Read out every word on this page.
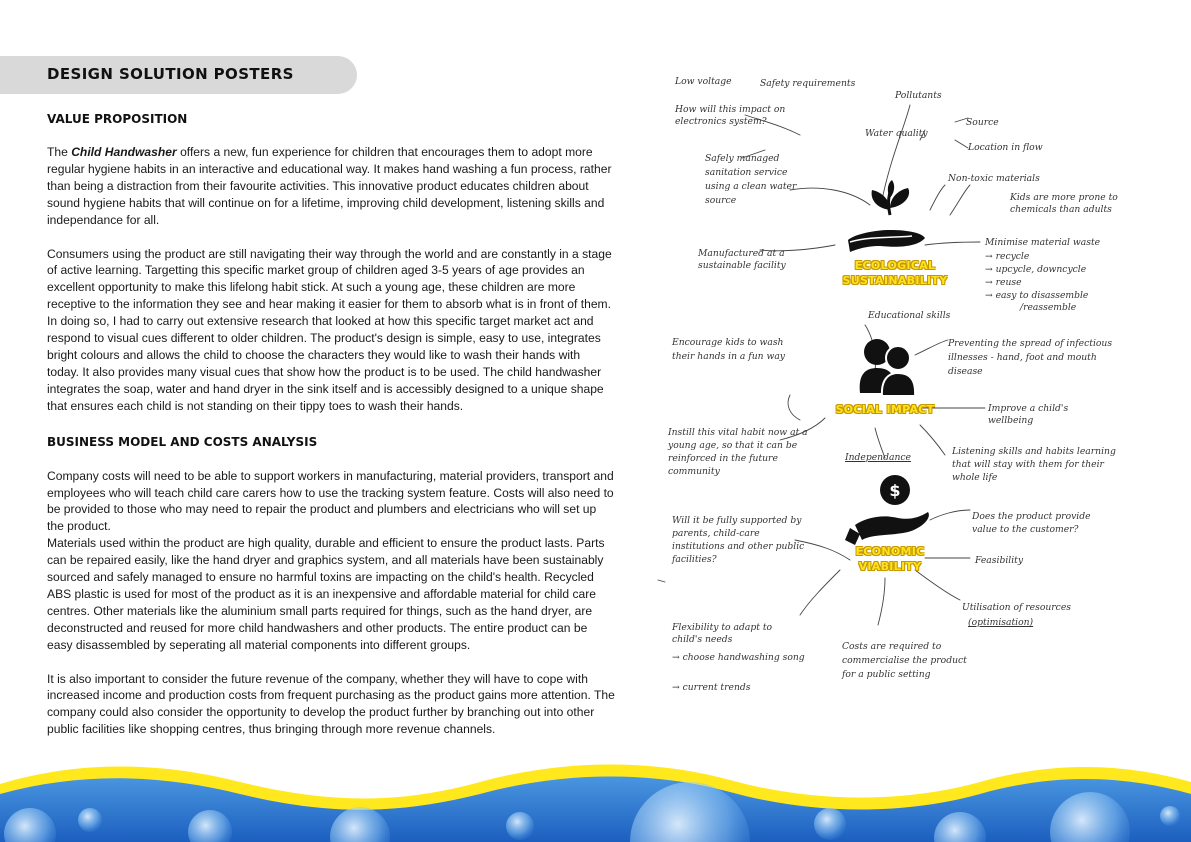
DESIGN SOLUTION POSTERS
VALUE PROPOSITION

The Child Handwasher offers a new, fun experience for children that encourages them to adopt more regular hygiene habits in an interactive and educational way. It makes hand washing a fun process, rather than being a distraction from their favourite activities. This innovative product educates children about sound hygiene habits that will continue on for a lifetime, improving child development, listening skills and independance for all.

Consumers using the product are still navigating their way through the world and are constantly in a stage of active learning. Targetting this specific market group of children aged 3-5 years of age provides an excellent opportunity to make this lifelong habit stick. At such a young age, these children are more receptive to the information they see and hear making it easier for them to absorb what is in front of them. In doing so, I had to carry out extensive research that looked at how this specific target market act and respond to visual cues different to older children. The product's design is simple, easy to use, integrates bright colours and allows the child to choose the characters they would like to wash their hands with today. It also provides many visual cues that show how the product is to be used. The child handwasher integrates the soap, water and hand dryer in the sink itself and is accessibly designed to a unique shape that ensures each child is not standing on their tippy toes to wash their hands.

BUSINESS MODEL AND COSTS ANALYSIS

Company costs will need to be able to support workers in manufacturing, material providers, transport and employees who will teach child care carers how to use the tracking system feature. Costs will also need to be provided to those who may need to repair the product and plumbers and electricians who will set up the product.

Materials used within the product are high quality, durable and efficient to ensure the product lasts. Parts can be repaired easily, like the hand dryer and graphics system, and all materials have been sustainably sourced and safely managed to ensure no harmful toxins are impacting on the child's health. Recycled ABS plastic is used for most of the product as it is an inexpensive and affordable material for child care centres. Other materials like the aluminium small parts required for things, such as the hand dryer, are deconstructed and reused for more child handwashers and other products. The entire product can be easy disassembled by seperating all material components into different groups.

It is also important to consider the future revenue of the company, whether they will have to cope with increased income and production costs from frequent purchasing as the product gains more attention. The company could also consider the opportunity to develop the product further by branching out into other public facilities like shopping centres, thus bringing through more revenue channels.

$
ECOLOGICAL SUSTAINABILITY
SOCIAL IMPACT
ECONOMIC VIABILITY
Low voltage	Safety requirements
How will this impact on electronics system?
Pollutants
Water quality
Source
Location in flow
Safely managed sanitation service using a clean water source
Non-toxic materials
Kids are more prone to chemicals than adults
Manufactured at a sustainable facility
Minimise material waste
→ recycle
→ upcycle, downcycle
→ reuse
→ easy to disassemble
/reassemble
Educational skills
Encourage kids to wash their hands in a fun way
Preventing the spread of infectious illnesses - hand, foot and mouth disease
Instill this vital habit now at a young age, so that it can be reinforced in the future community
Improve a child's wellbeing
Independance
Listening skills and habits learning that will stay with them for their whole life
Will it be fully supported by parents, child-care institutions and other public facilities?
Does the product provide value to the customer?
Feasibility
Utilisation of resources
(optimisation)
Flexibility to adapt to child's needs
→ choose handwashing song
→ current trends
Costs are required to commercialise the product for a public setting
